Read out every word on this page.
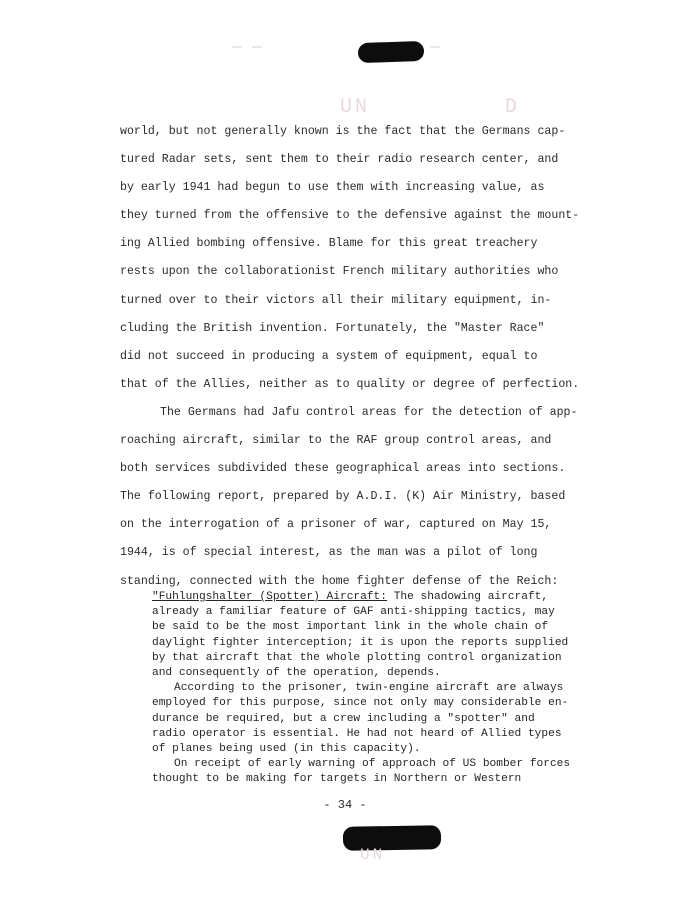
UN         D
world, but not generally known is the fact that the Germans cap-
tured Radar sets, sent them to their radio research center, and
by early 1941 had begun to use them with increasing value, as
they turned from the offensive to the defensive against the mount-
ing Allied bombing offensive. Blame for this great treachery
rests upon the collaborationist French military authorities who
turned over to their victors all their military equipment, in-
cluding the British invention. Fortunately, the "Master Race"
did not succeed in producing a system of equipment, equal to
that of the Allies, neither as to quality or degree of perfection.
The Germans had Jafu control areas for the detection of app-
roaching aircraft, similar to the RAF group control areas, and
both services subdivided these geographical areas into sections.
The following report, prepared by A.D.I. (K) Air Ministry, based
on the interrogation of a prisoner of war, captured on May 15,
1944, is of special interest, as the man was a pilot of long
standing, connected with the home fighter defense of the Reich:
"Fuhlungshalter (Spotter) Aircraft: The shadowing aircraft,
already a familiar feature of GAF anti-shipping tactics, may
be said to be the most important link in the whole chain of
daylight fighter interception; it is upon the reports supplied
by that aircraft that the whole plotting control organization
and consequently of the operation, depends.
According to the prisoner, twin-engine aircraft are always
employed for this purpose, since not only may considerable en-
durance be required, but a crew including a "spotter" and
radio operator is essential. He had not heard of Allied types
of planes being used (in this capacity).
On receipt of early warning of approach of US bomber forces
thought to be making for targets in Northern or Western
- 34 -
UN
